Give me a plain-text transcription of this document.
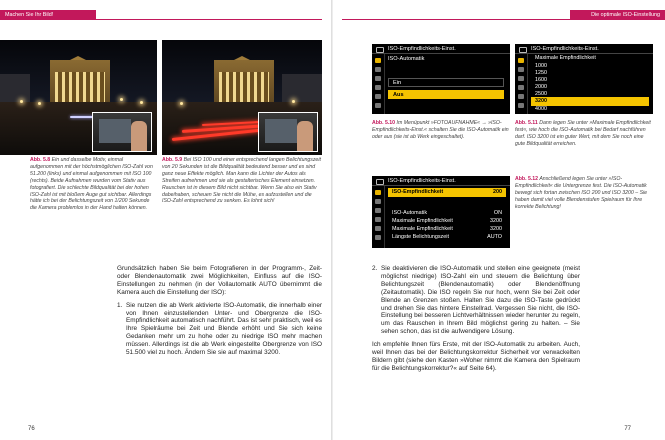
Machen Sie Ihr Bild!	Die optimale ISO-Einstellung
Abb. 5.8 Ein und dasselbe Motiv, einmal aufgenommen mit der höchstmöglichen ISO-Zahl von 51.200 (links) und einmal aufgenommen mit ISO 100 (rechts). Beide Aufnahmen wurden vom Stativ aus fotografiert. Die schlechte Bildqualität bei der hohen ISO-Zahl ist mit bloßem Auge gut sichtbar. Allerdings hätte ich bei der Belichtungszeit von 1/200 Sekunde die Kamera problemlos in der Hand halten können.
Abb. 5.9 Bei ISO 100 und einer entsprechend langen Belichtungszeit von 20 Sekunden ist die Bildqualität bedeutend besser und es sind ganz neue Effekte möglich. Man kann die Lichter der Autos als Streifen aufnehmen und sie als gestalterisches Element einsetzen. Rauschen ist in diesem Bild nicht sichtbar. Wenn Sie also ein Stativ dabeihaben, scheuen Sie nicht die Mühe, es aufzustellen und die ISO-Zahl entsprechend zu senken. Es lohnt sich!

Grundsätzlich haben Sie beim Fotografieren in der Programm-, Zeit- oder Blendenautomatik zwei Möglichkeiten, Einfluss auf die ISO-Einstellungen zu nehmen (in der Vollautomatik AUTO übernimmt die Kamera auch die Einstellung der ISO):

1. Sie nutzen die ab Werk aktivierte ISO-Automatik, die innerhalb einer von Ihnen einzustellenden Unter- und Obergrenze die ISO-Empfindlichkeit automatisch nachführt. Das ist sehr praktisch, weil es Ihre Spielräume bei Zeit und Blende erhöht und Sie sich keine Gedanken mehr um zu hohe oder zu niedrige ISO mehr machen müssen. Allerdings ist die ab Werk eingestellte Obergrenze von ISO 51.500 viel zu hoch. Ändern Sie sie auf maximal 3200.
76
ISO-Empfindlichkeits-Einst.
ISO-Automatik
Ein
Aus
ISO-Empfindlichkeits-Einst.
Maximale Empfindlichkeit
1000
1250
1600
2000
2500
3200
4000
Abb. 5.10 Im Menüpunkt »FOTOAUFNAHME« → »ISO-Empfindlichkeits-Einst.« schalten Sie die ISO-Automatik ein oder aus (sie ist ab Werk eingeschaltet).
Abb. 5.11 Dann legen Sie unter »Maximale Empfindlichkeit fest«, wie hoch die ISO-Automatik bei Bedarf nachführen darf. ISO 3200 ist ein guter Wert, mit dem Sie noch eine gute Bildqualität erreichen.
ISO-Empfindlichkeits-Einst.
ISO-Empfindlichkeit	200
ISO-Automatik	ON
Maximale Empfindlichkeit	3200
Maximale Empfindlichkeit	3200
Längste Belichtungszeit	AUTO
Abb. 5.12 Anschließend legen Sie unter »ISO-Empfindlichkeit« die Untergrenze fest. Die ISO-Automatik bewegt sich fortan zwischen ISO 200 und ISO 3200 – Sie haben damit viel volle Blendenstufen Spielraum für Ihre korrekte Belichtung!
2. Sie deaktivieren die ISO-Automatik und stellen eine geeignete (meist möglichst niedrige) ISO-Zahl ein und steuern die Belichtung über Belichtungszeit (Blendenautomatik) oder Blendenöffnung (Zeitautomatik). Die ISO regeln Sie nur hoch, wenn Sie bei Zeit oder Blende an Grenzen stoßen. Halten Sie dazu die ISO-Taste gedrückt und drehen Sie das hintere Einstellrad. Vergessen Sie nicht, die ISO-Einstellung bei besseren Lichtverhältnissen wieder herunter zu regeln, um das Rauschen in Ihrem Bild möglichst gering zu halten. – Sie sehen schon, das ist die aufwendigere Lösung.

Ich empfehle Ihnen fürs Erste, mit der ISO-Automatik zu arbeiten. Auch, weil Ihnen das bei der Belichtungskorrektur Sicherheit vor verwackelten Bildern gibt (siehe den Kasten »Woher nimmt die Kamera den Spielraum für die Belichtungskorrektur?« auf Seite 64).

77
